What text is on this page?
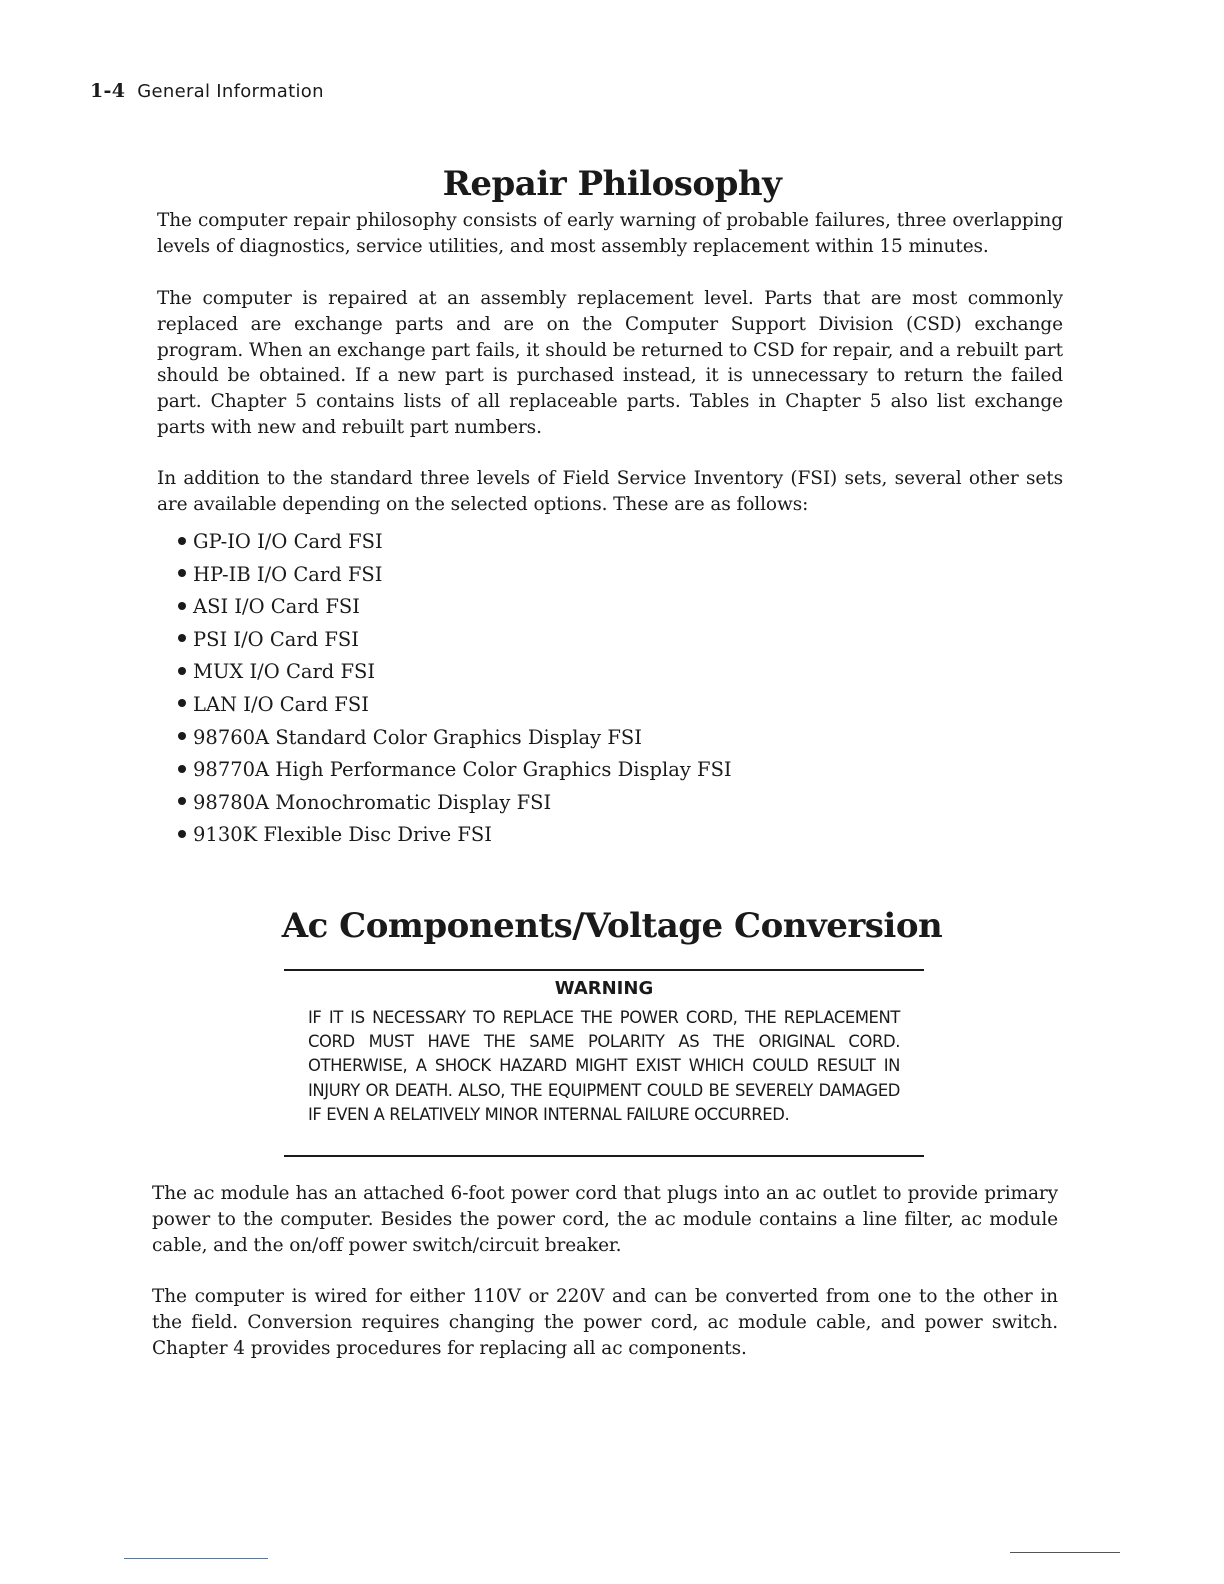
1-4 General Information
Repair Philosophy

The computer repair philosophy consists of early warning of probable failures, three overlapping levels of diagnostics, service utilities, and most assembly replacement within 15 minutes.

The computer is repaired at an assembly replacement level. Parts that are most commonly replaced are exchange parts and are on the Computer Support Division (CSD) exchange program. When an exchange part fails, it should be returned to CSD for repair, and a rebuilt part should be obtained. If a new part is purchased instead, it is unnecessary to return the failed part. Chapter 5 contains lists of all replaceable parts. Tables in Chapter 5 also list exchange parts with new and rebuilt part numbers.

In addition to the standard three levels of Field Service Inventory (FSI) sets, several other sets are available depending on the selected options. These are as follows:

GP-IO I/O Card FSI
HP-IB I/O Card FSI
ASI I/O Card FSI
PSI I/O Card FSI
MUX I/O Card FSI
LAN I/O Card FSI
98760A Standard Color Graphics Display FSI
98770A High Performance Color Graphics Display FSI
98780A Monochromatic Display FSI
9130K Flexible Disc Drive FSI
Ac Components/Voltage Conversion
WARNING

IF IT IS NECESSARY TO REPLACE THE POWER CORD, THE REPLACEMENT CORD MUST HAVE THE SAME POLARITY AS THE ORIGINAL CORD. OTHERWISE, A SHOCK HAZARD MIGHT EXIST WHICH COULD RESULT IN INJURY OR DEATH. ALSO, THE EQUIPMENT COULD BE SEVERELY DAMAGED IF EVEN A RELATIVELY MINOR INTERNAL FAILURE OCCURRED.

The ac module has an attached 6-foot power cord that plugs into an ac outlet to provide primary power to the computer. Besides the power cord, the ac module contains a line filter, ac module cable, and the on/off power switch/circuit breaker.

The computer is wired for either 110V or 220V and can be converted from one to the other in the field. Conversion requires changing the power cord, ac module cable, and power switch. Chapter 4 provides procedures for replacing all ac components.
